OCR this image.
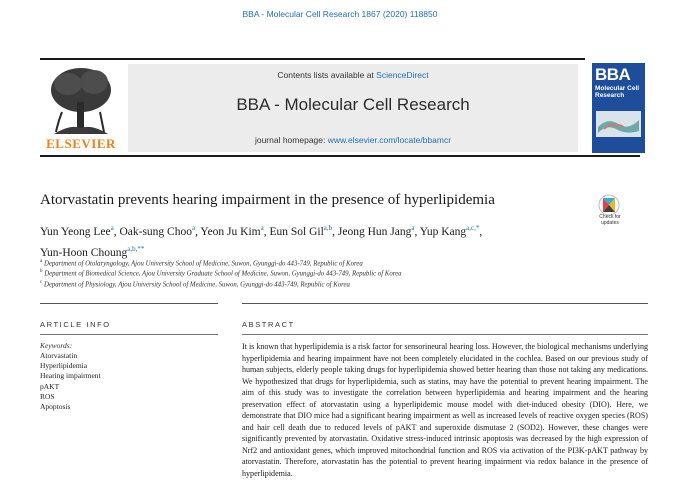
BBA - Molecular Cell Research 1867 (2020) 118850
ELSEVIER
Contents lists available at ScienceDirect
BBA - Molecular Cell Research
journal homepage: www.elsevier.com/locate/bbamcr
BBA
Molecular Cell Research
Atorvastatin prevents hearing impairment in the presence of hyperlipidemia
Check for updates
Yun Yeong Lee$^a$, Oak-sung Choo$^a$, Yeon Ju Kim$^a$, Eun Sol Gil$^{a,b}$, Jeong Hun Jang$^a$, Yup Kang$^{a,c,*}$,
Yun-Hoon Choung$^{a,b,**}$
$^a$ Department of Otolaryngology, Ajou University School of Medicine, Suwon, Gyunggi-do 443-749, Republic of Korea
$^b$ Department of Biomedical Science, Ajou University Graduate School of Medicine, Suwon, Gyunggi-do 443-749, Republic of Korea
$^c$ Department of Physiology, Ajou University School of Medicine, Suwon, Gyunggi-do 443-749, Republic of Korea
ARTICLE INFO	ABSTRACT
Keywords:
Atorvastatin
Hyperlipidemia
Hearing impairment
pAKT
ROS
Apoptosis

It is known that hyperlipidemia is a risk factor for sensorineural hearing loss. However, the biological mechanisms underlying hyperlipidemia and hearing impairment have not been completely elucidated in the cochlea. Based on our previous study of human subjects, elderly people taking drugs for hyperlipidemia showed better hearing than those not taking any medications. We hypothesized that drugs for hyperlipidemia, such as statins, may have the potential to prevent hearing impairment. The aim of this study was to investigate the correlation between hyperlipidemia and hearing impairment and the hearing preservation effect of atorvastatin using a hyperlipidemic mouse model with diet-induced obesity (DIO). Here, we demonstrate that DIO mice had a significant hearing impairment as well as increased levels of reactive oxygen species (ROS) and hair cell death due to reduced levels of pAKT and superoxide dismutase 2 (SOD2). However, these changes were significantly prevented by atorvastatin. Oxidative stress-induced intrinsic apoptosis was decreased by the high expression of Nrf2 and antioxidant genes, which improved mitochondrial function and ROS via activation of the PI3K-pAKT pathway by atorvastatin. Therefore, atorvastatin has the potential to prevent hearing impairment via redox balance in the presence of hyperlipidemia.
